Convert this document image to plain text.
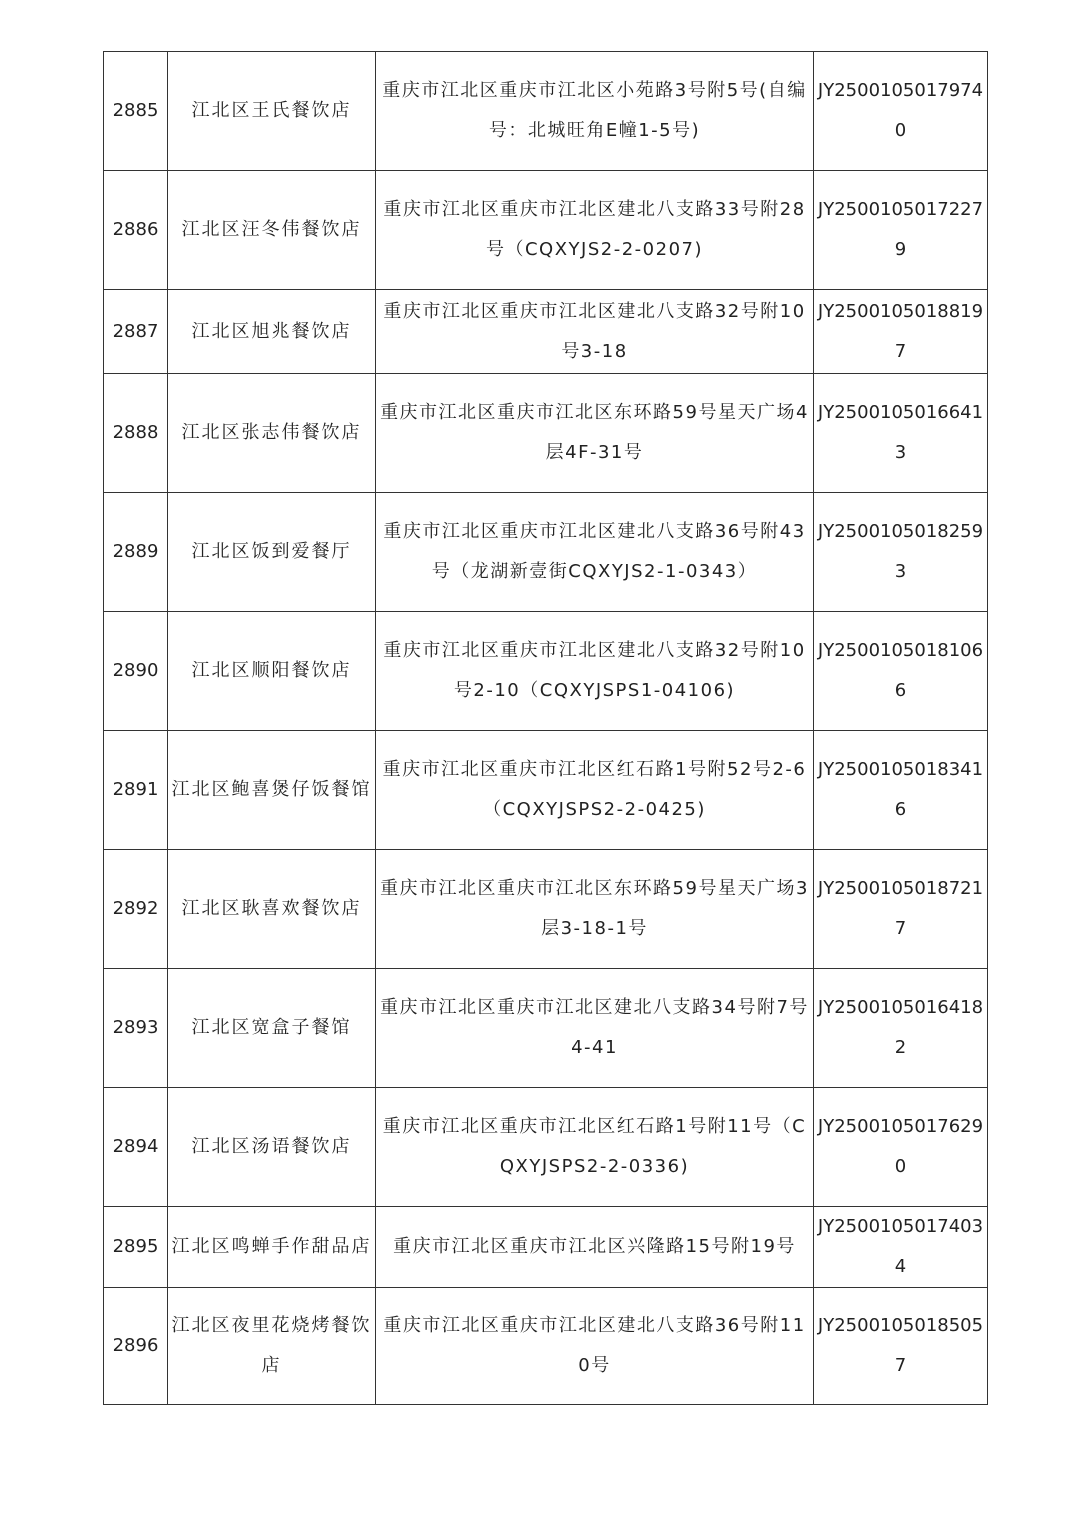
2885	江北区王氏餐饮店	重庆市江北区重庆市江北区小苑路3号附5号(自编号：北城旺角E幢1-5号)	JY25001050179740
2886	江北区汪冬伟餐饮店	重庆市江北区重庆市江北区建北八支路33号附28号（CQXYJS2-2-0207)	JY25001050172279
2887	江北区旭兆餐饮店	重庆市江北区重庆市江北区建北八支路32号附10号3-18	JY25001050188197
2888	江北区张志伟餐饮店	重庆市江北区重庆市江北区东环路59号星天广场4层4F-31号	JY25001050166413
2889	江北区饭到爱餐厅	重庆市江北区重庆市江北区建北八支路36号附43号（龙湖新壹街CQXYJS2-1-0343）	JY25001050182593
2890	江北区顺阳餐饮店	重庆市江北区重庆市江北区建北八支路32号附10号2-10（CQXYJSPS1-04106)	JY25001050181066
2891	江北区鲍喜煲仔饭餐馆	重庆市江北区重庆市江北区红石路1号附52号2-6（CQXYJSPS2-2-0425)	JY25001050183416
2892	江北区耿喜欢餐饮店	重庆市江北区重庆市江北区东环路59号星天广场3层3-18-1号	JY25001050187217
2893	江北区宽盒子餐馆	重庆市江北区重庆市江北区建北八支路34号附7号4-41	JY25001050164182
2894	江北区汤语餐饮店	重庆市江北区重庆市江北区红石路1号附11号（CQXYJSPS2-2-0336)	JY25001050176290
2895	江北区鸣蝉手作甜品店	重庆市江北区重庆市江北区兴隆路15号附19号	JY25001050174034
2896	江北区夜里花烧烤餐饮店	重庆市江北区重庆市江北区建北八支路36号附110号	JY25001050185057
